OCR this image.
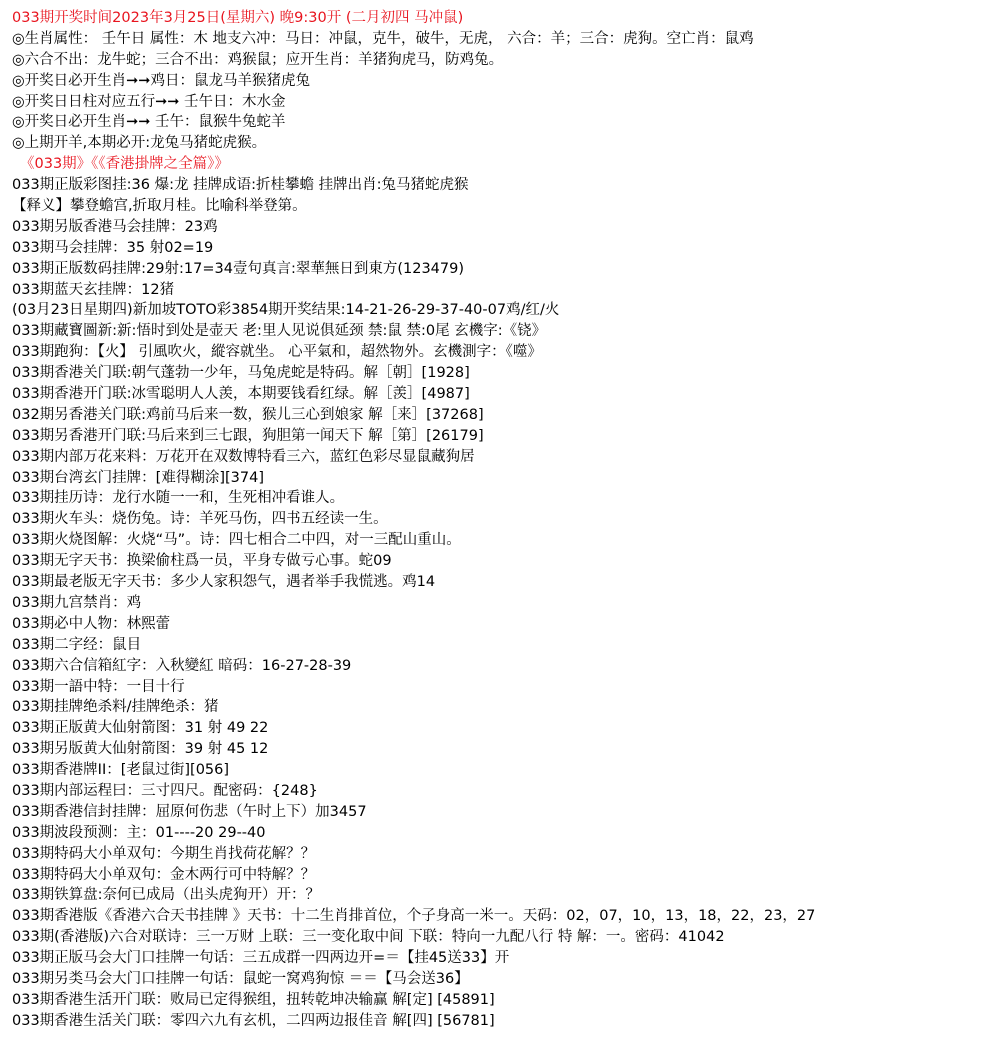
033期开奖时间2023年3月25日(星期六) 晚9:30开 (二月初四 马冲鼠)
◎生肖属性： 壬午日 属性：木 地支六冲：马日：冲鼠，克牛，破牛，无虎， 六合：羊；三合：虎狗。空亡肖：鼠鸡
◎六合不出：龙牛蛇；三合不出：鸡猴鼠；应开生肖：羊猪狗虎马，防鸡兔。
◎开奖日必开生肖➞➞鸡日：鼠龙马羊猴猪虎兔
◎开奖日日柱对应五行➞➞ 壬午日：木水金
◎开奖日必开生肖➞➞ 壬午：鼠猴牛兔蛇羊
◎上期开羊,本期必开:龙兔马猪蛇虎猴。
《033期》《《香港掛牌之全篇》》
033期正版彩图挂:36 爆:龙 挂牌成语:折桂攀蟾 挂牌出肖:兔马猪蛇虎猴
【释义】攀登蟾宫,折取月桂。比喻科举登第。
033期另版香港马会挂牌：23鸡
033期马会挂牌：35 射02=19
033期正版数码挂牌:29射:17=34壹句真言:翠華無日到東方(123479)
033期蓝天玄挂牌：12猪
(03月23日星期四)新加坡TOTO彩3854期开奖结果:14-21-26-29-37-40-07鸡/红/火
033期藏寶圖新:新:悟时到处是壶天 老:里人见说俱延颈 禁:鼠 禁:0尾 玄機字:《铙》
033期跑狗：【火】 引風吹火，縱容就坐。 心平氣和，超然物外。玄機測字：《噬》
033期香港关门联:朝气蓬勃一少年，马兔虎蛇是特码。解［朝］[1928]
033期香港开门联:冰雪聪明人人羡，本期要钱看红绿。解［羡］[4987]
032期另香港关门联:鸡前马后来一数，猴儿三心到娘家 解［来］[37268]
033期另香港开门联:马后来到三七跟，狗胆第一闻天下 解［第］[26179]
033期内部万花来料：万花开在双数博特看三六，蓝红色彩尽显鼠藏狗居
033期台湾玄门挂牌：[难得糊涂][374]
033期挂历诗：龙行水随一一和，生死相冲看谁人。
033期火车头：烧伤兔。诗：羊死马伤，四书五经读一生。
033期火烧图解：火烧“马”。诗：四七相合二中四，对一三配山重山。
033期无字天书：换梁偷柱爲一员，平身专做亏心事。蛇09
033期最老版无字天书：多少人家积怨气，遇者举手我慌逃。鸡14
033期九宫禁肖：鸡
033期必中人物：林熙蕾
033期二字经：鼠目
033期六合信箱紅字：入秋變紅 暗码：16-27-28-39
033期一語中特：一目十行
033期挂牌绝杀料/挂牌绝杀：猪
033期正版黄大仙射箭图：31 射 49 22
033期另版黄大仙射箭图：39 射 45 12
033期香港牌II：[老鼠过街][056]
033期内部运程曰：三寸四尺。配密码：{248}
033期香港信封挂牌：屈原何伤悲（午时上下）加3457
033期波段预测：主：01----20 29--40
033期特码大小单双句：今期生肖找荷花解？？
033期特码大小单双句：金木两行可中特解？？
033期铁算盘:奈何已成局（出头虎狗开）开：？
033期香港版《香港六合天书挂牌 》天书：十二生肖排首位，个子身高一米一。天码：02，07，10，13，18，22，23，27
033期(香港版)六合对联诗：三一万财 上联：三一变化取中间 下联：特向一九配八行 特 解：一。密码：41042
033期正版马会大门口挂牌一句话：三五成群一四两边开=＝【挂45送33】开
033期另类马会大门口挂牌一句话：鼠蛇一窝鸡狗惊 ＝＝【马会送36】
033期香港生活开门联：败局已定得猴组，扭转乾坤决输赢 解[定] [45891]
033期香港生活关门联：零四六九有玄机，二四两边报佳音 解[四] [56781]
